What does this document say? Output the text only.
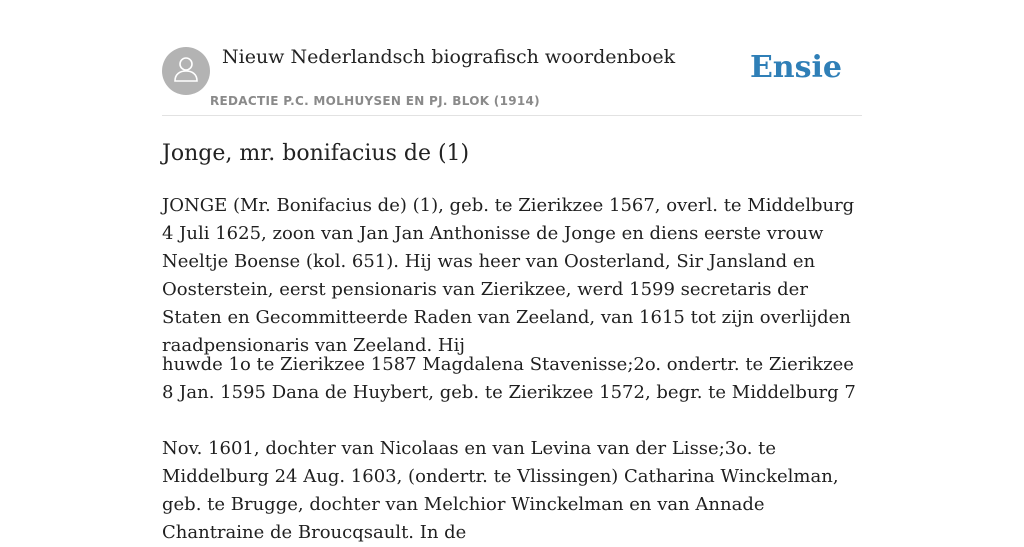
Nieuw Nederlandsch biografisch woordenboek
REDACTIE P.C. MOLHUYSEN EN PJ. BLOK (1914)
Ensie
Jonge, mr. bonifacius de (1)

JONGE (Mr. Bonifacius de) (1), geb. te Zierikzee 1567, overl. te Middelburg 4 Juli 1625, zoon van Jan Jan Anthonisse de Jonge en diens eerste vrouw Neeltje Boense (kol. 651). Hij was heer van Oosterland, Sir Jansland en Oosterstein, eerst pensionaris van Zierikzee, werd 1599 secretaris der Staten en Gecommitteerde Raden van Zeeland, van 1615 tot zijn overlijden raadpensionaris van Zeeland. Hij

huwde 1o te Zierikzee 1587 Magdalena Stavenisse;2o. ondertr. te Zierikzee 8 Jan. 1595 Dana de Huybert, geb. te Zierikzee 1572, begr. te Middelburg 7

Nov. 1601, dochter van Nicolaas en van Levina van der Lisse;3o. te Middelburg 24 Aug. 1603, (ondertr. te Vlissingen) Catharina Winckelman, geb. te Brugge, dochter van Melchior Winckelman en van Annade Chantraine de Broucqsault. In de
